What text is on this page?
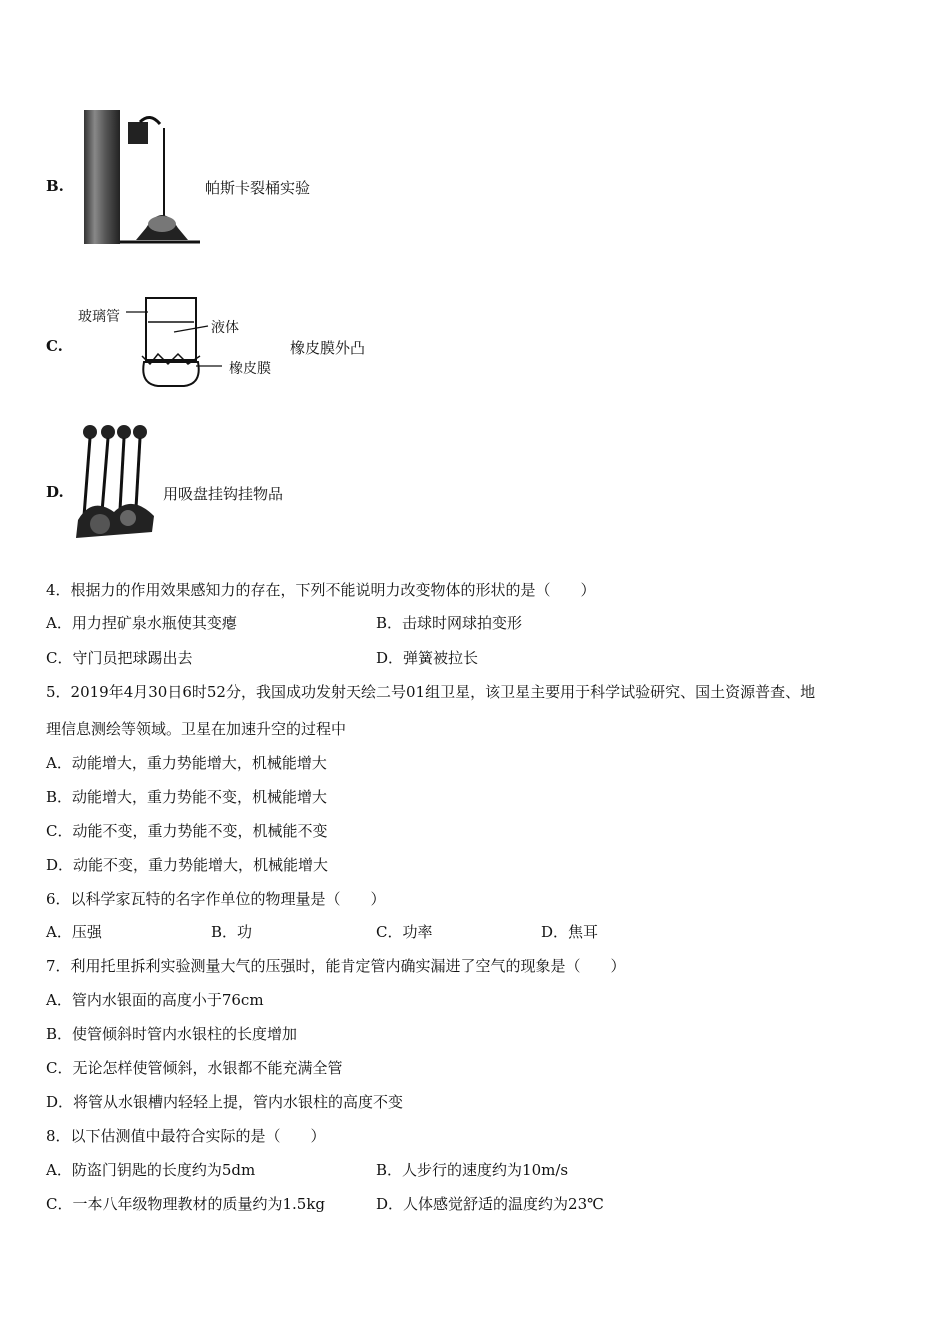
B.	帕斯卡裂桶实验
C.
玻璃管
液体
橡皮膜
橡皮膜外凸
D.	用吸盘挂钩挂物品
4．根据力的作用效果感知力的存在，下列不能说明力改变物体的形状的是（　　）
A．用力捏矿泉水瓶使其变瘪	B．击球时网球拍变形
C．守门员把球踢出去	D．弹簧被拉长
5．2019年4月30日6时52分，我国成功发射天绘二号01组卫星，该卫星主要用于科学试验研究、国土资源普查、地
理信息测绘等领域。卫星在加速升空的过程中
A．动能增大，重力势能增大，机械能增大
B．动能增大，重力势能不变，机械能增大
C．动能不变，重力势能不变，机械能不变
D．动能不变，重力势能增大，机械能增大
6．以科学家瓦特的名字作单位的物理量是（　　）
A．压强	B．功	C．功率	D．焦耳
7．利用托里拆利实验测量大气的压强时，能肯定管内确实漏进了空气的现象是（　　）
A．管内水银面的高度小于76cm
B．使管倾斜时管内水银柱的长度增加
C．无论怎样使管倾斜，水银都不能充满全管
D．将管从水银槽内轻轻上提，管内水银柱的高度不变
8．以下估测值中最符合实际的是（　　）
A．防盗门钥匙的长度约为5dm	B．人步行的速度约为10m/s
C．一本八年级物理教材的质量约为1.5kg	D．人体感觉舒适的温度约为23℃
